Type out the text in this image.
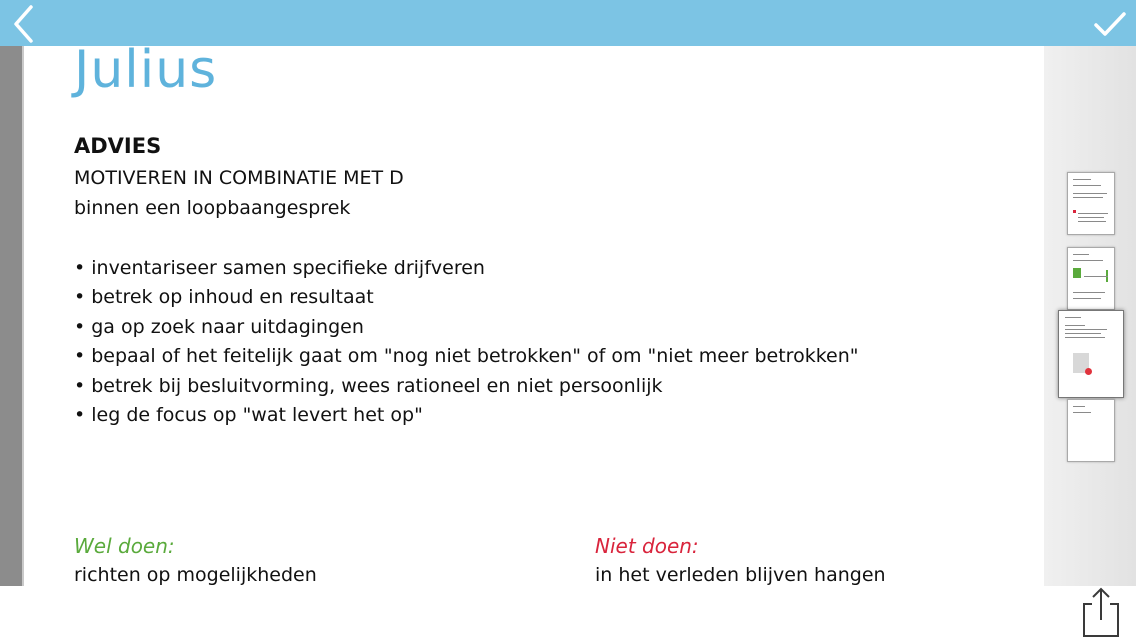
Julius
ADVIES
MOTIVEREN IN COMBINATIE MET D
binnen een loopbaangesprek
• inventariseer samen specifieke drijfveren
• betrek op inhoud en resultaat
• ga op zoek naar uitdagingen
• bepaal of het feitelijk gaat om "nog niet betrokken" of om "niet meer betrokken"
• betrek bij besluitvorming, wees rationeel en niet persoonlijk
• leg de focus op "wat levert het op"
Wel doen:
richten op mogelijkheden
Niet doen:
in het verleden blijven hangen
